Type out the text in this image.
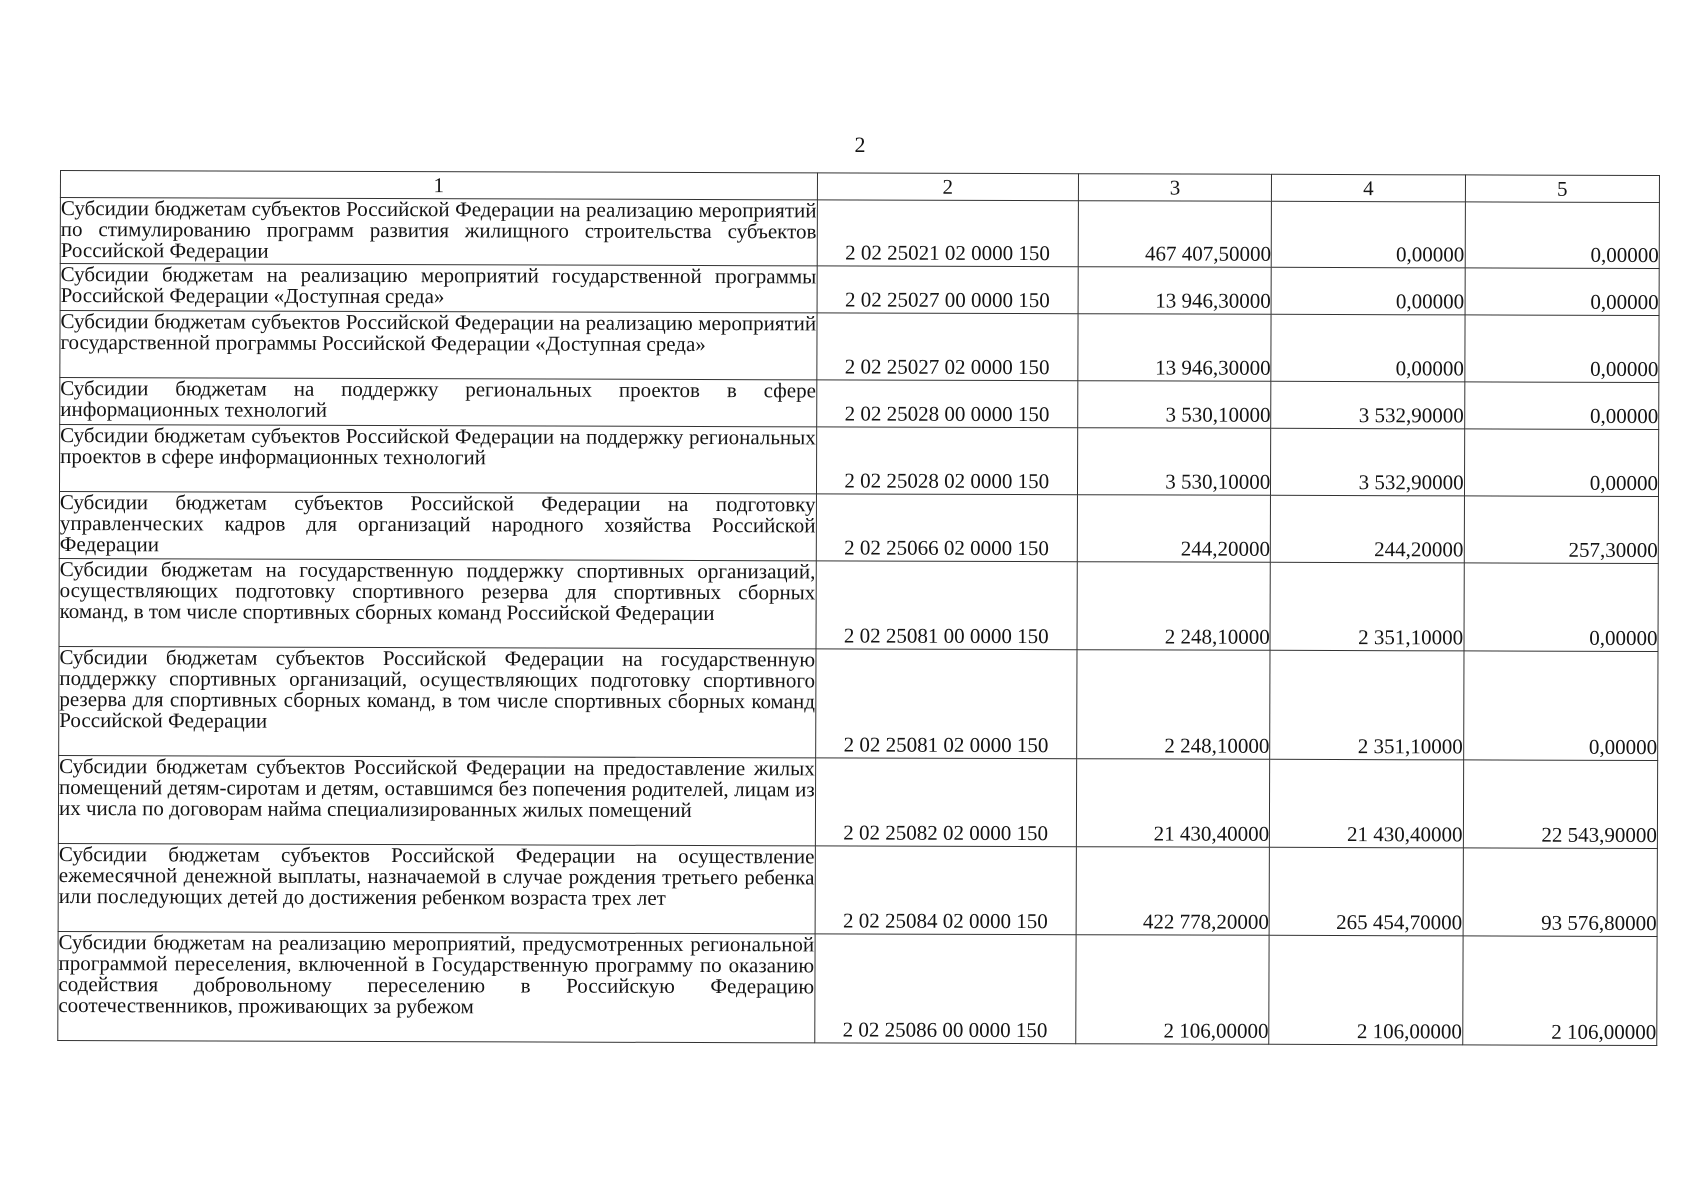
2
1	2	3	4	5
Субсидии бюджетам субъектов Российской Федерации на реализацию мероприятий по стимулированию программ развития жилищного строительства субъектов Российской Федерации	2 02 25021 02 0000 150	467 407,50000	0,00000	0,00000
Субсидии бюджетам на реализацию мероприятий государственной программы Российской Федерации «Доступная среда»	2 02 25027 00 0000 150	13 946,30000	0,00000	0,00000
Субсидии бюджетам субъектов Российской Федерации на реализацию мероприятий государственной программы Российской Федерации «Доступная среда»	2 02 25027 02 0000 150	13 946,30000	0,00000	0,00000
Субсидии бюджетам на поддержку региональных проектов в сфере информационных технологий	2 02 25028 00 0000 150	3 530,10000	3 532,90000	0,00000
Субсидии бюджетам субъектов Российской Федерации на поддержку региональных проектов в сфере информационных технологий	2 02 25028 02 0000 150	3 530,10000	3 532,90000	0,00000
Субсидии бюджетам субъектов Российской Федерации на подготовку управленческих кадров для организаций народного хозяйства Российской Федерации	2 02 25066 02 0000 150	244,20000	244,20000	257,30000
Субсидии бюджетам на государственную поддержку спортивных организаций, осуществляющих подготовку спортивного резерва для спортивных сборных команд, в том числе спортивных сборных команд Российской Федерации	2 02 25081 00 0000 150	2 248,10000	2 351,10000	0,00000
Субсидии бюджетам субъектов Российской Федерации на государственную поддержку спортивных организаций, осуществляющих подготовку спортивного резерва для спортивных сборных команд, в том числе спортивных сборных команд Российской Федерации	2 02 25081 02 0000 150	2 248,10000	2 351,10000	0,00000
Субсидии бюджетам субъектов Российской Федерации на предоставление жилых помещений детям-сиротам и детям, оставшимся без попечения родителей, лицам из их числа по договорам найма специализированных жилых помещений	2 02 25082 02 0000 150	21 430,40000	21 430,40000	22 543,90000
Субсидии бюджетам субъектов Российской Федерации на осуществление ежемесячной денежной выплаты, назначаемой в случае рождения третьего ребенка или последующих детей до достижения ребенком возраста трех лет	2 02 25084 02 0000 150	422 778,20000	265 454,70000	93 576,80000
Субсидии бюджетам на реализацию мероприятий, предусмотренных региональной программой переселения, включенной в Государственную программу по оказанию содействия добровольному переселению в Российскую Федерацию соотечественников, проживающих за рубежом	2 02 25086 00 0000 150	2 106,00000	2 106,00000	2 106,00000
